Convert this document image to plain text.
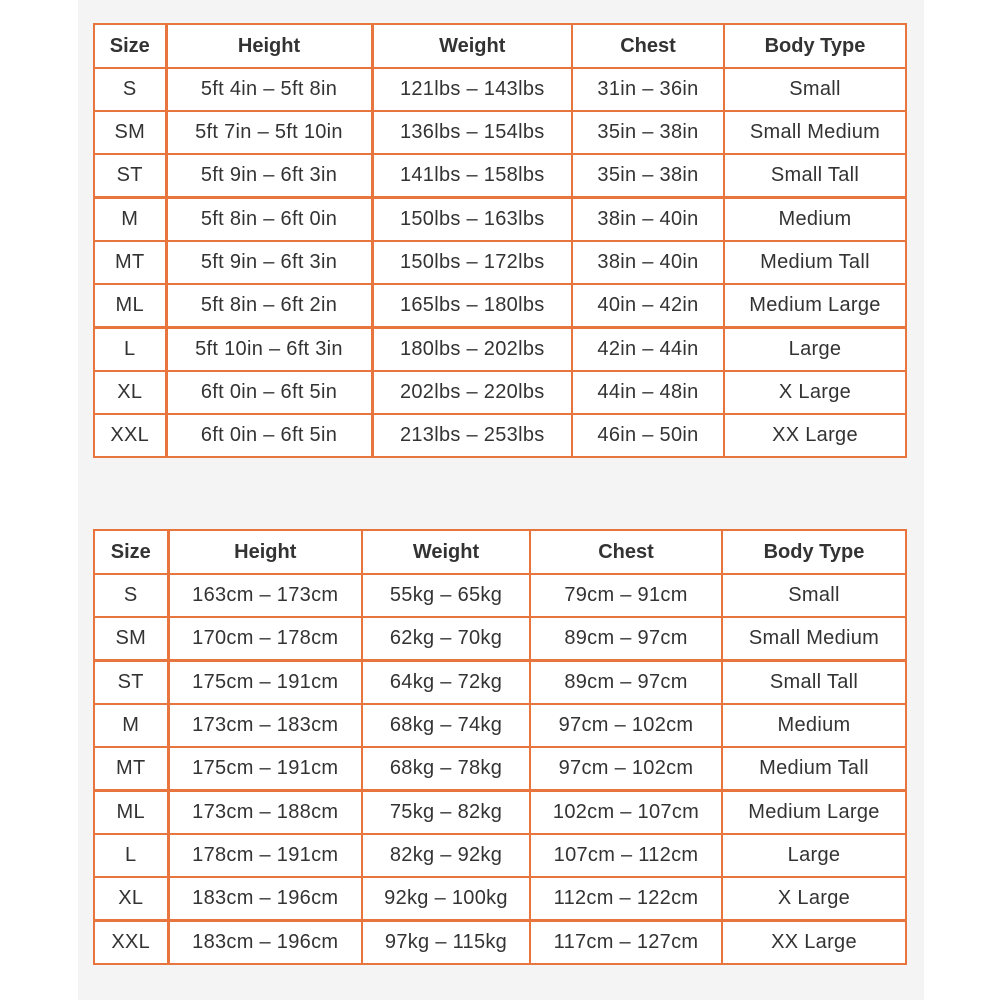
Size	Height	Weight	Chest	Body Type
S	5ft 4in – 5ft 8in	121lbs – 143lbs	31in – 36in	Small
SM	5ft 7in – 5ft 10in	136lbs – 154lbs	35in – 38in	Small Medium
ST	5ft 9in – 6ft 3in	141lbs – 158lbs	35in – 38in	Small Tall
M	5ft 8in – 6ft 0in	150lbs – 163lbs	38in – 40in	Medium
MT	5ft 9in – 6ft 3in	150lbs – 172lbs	38in – 40in	Medium Tall
ML	5ft 8in – 6ft 2in	165lbs – 180lbs	40in – 42in	Medium Large
L	5ft 10in – 6ft 3in	180lbs – 202lbs	42in – 44in	Large
XL	6ft 0in – 6ft 5in	202lbs – 220lbs	44in – 48in	X Large
XXL	6ft 0in – 6ft 5in	213lbs – 253lbs	46in – 50in	XX Large
Size	Height	Weight	Chest	Body Type
S	163cm – 173cm	55kg – 65kg	79cm – 91cm	Small
SM	170cm – 178cm	62kg – 70kg	89cm – 97cm	Small Medium
ST	175cm – 191cm	64kg – 72kg	89cm – 97cm	Small Tall
M	173cm – 183cm	68kg – 74kg	97cm – 102cm	Medium
MT	175cm – 191cm	68kg – 78kg	97cm – 102cm	Medium Tall
ML	173cm – 188cm	75kg – 82kg	102cm – 107cm	Medium Large
L	178cm – 191cm	82kg – 92kg	107cm – 112cm	Large
XL	183cm – 196cm	92kg – 100kg	112cm – 122cm	X Large
XXL	183cm – 196cm	97kg – 115kg	117cm – 127cm	XX Large
